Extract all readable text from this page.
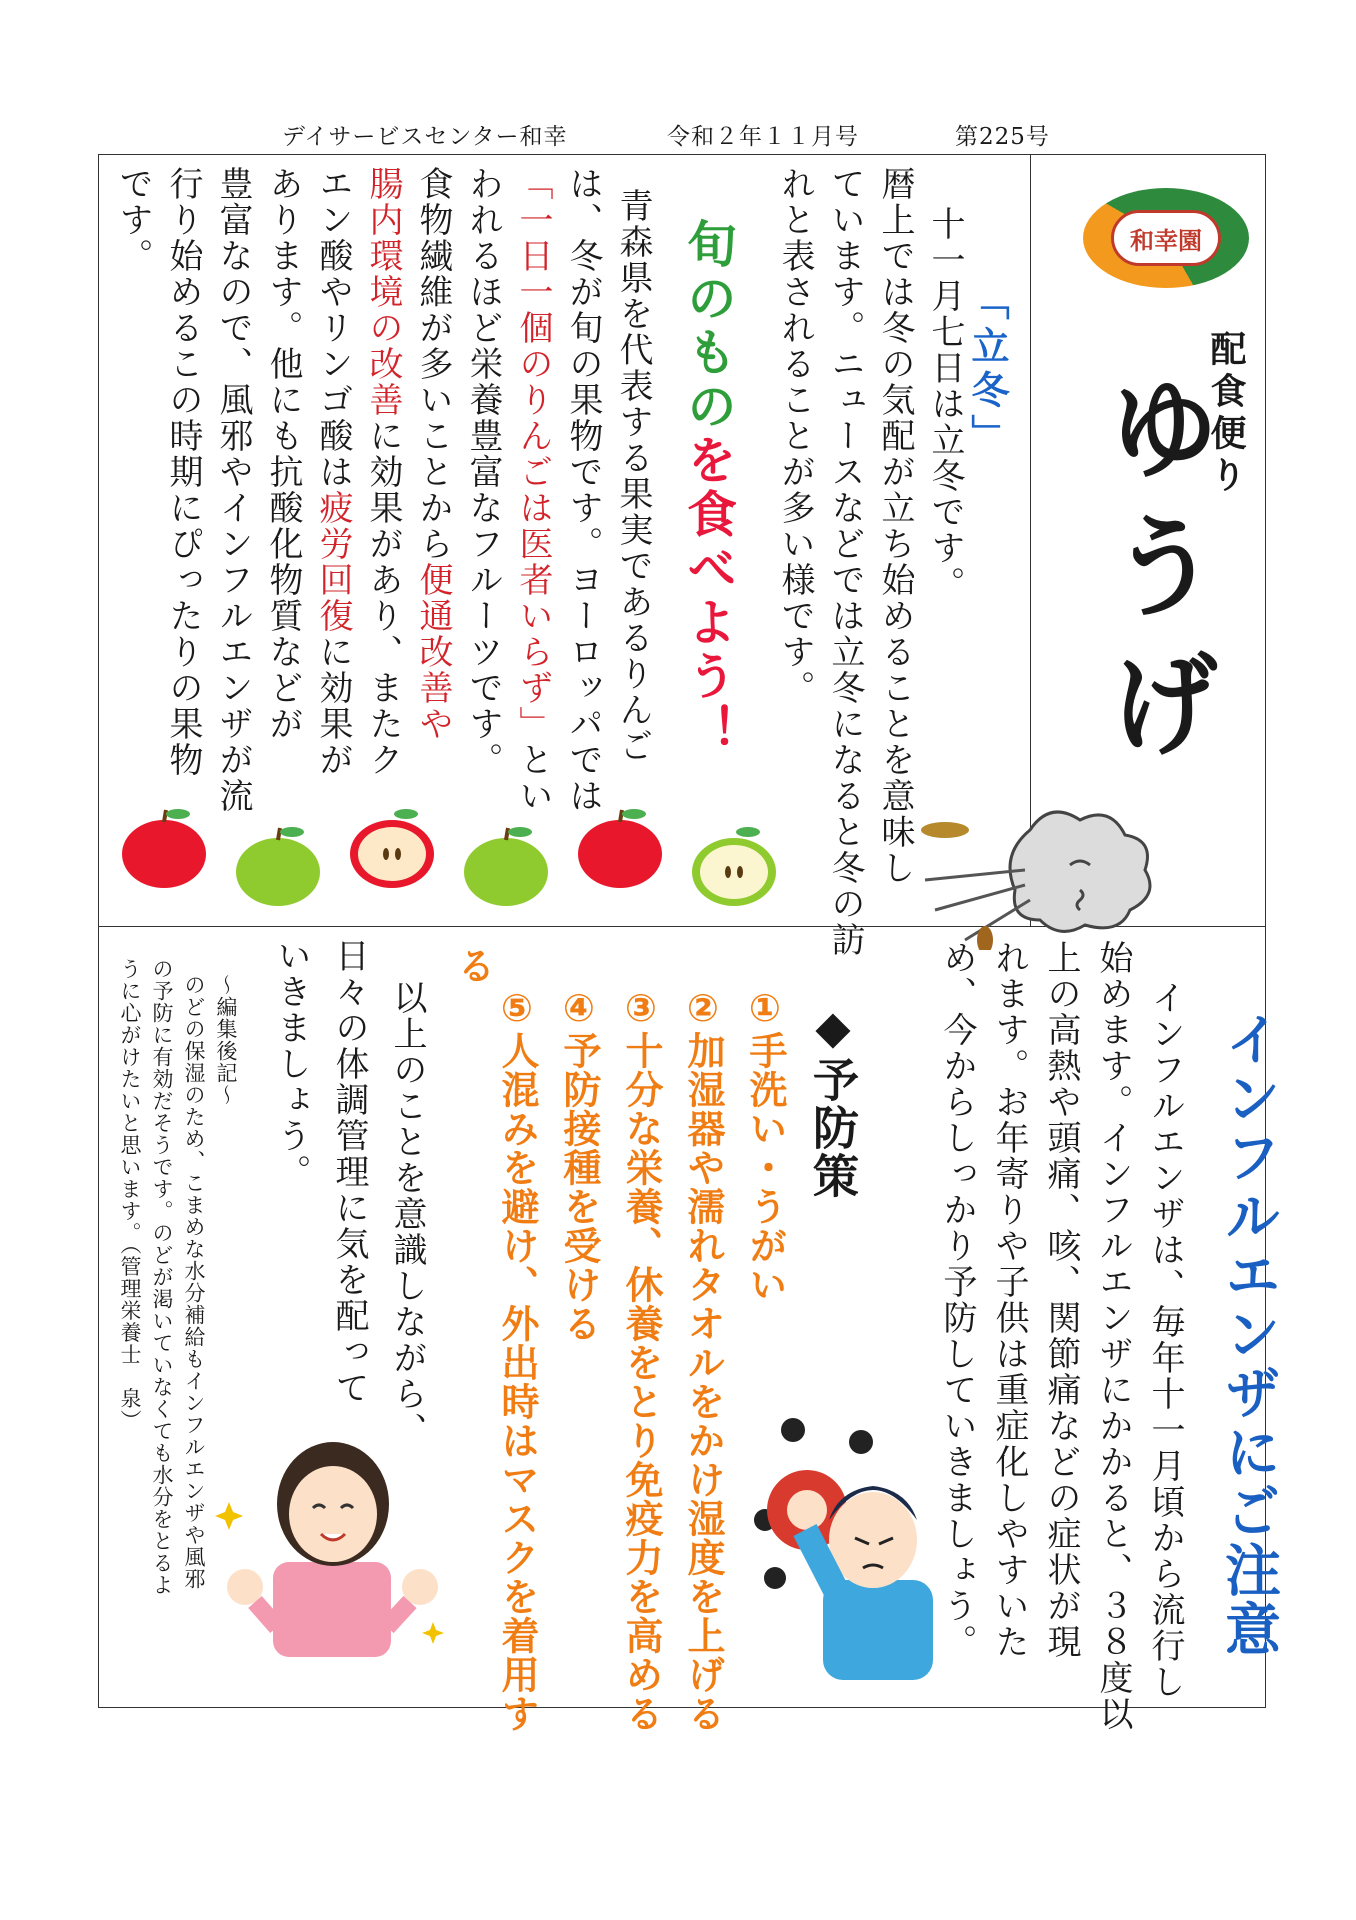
デイサービスセンター和幸	令和２年１１月号	第225号
和幸園
配食便り
ゆうげ
「立冬」
十一月七日は立冬です。
暦上では冬の気配が立ち始めることを意味し
ています。ニュースなどでは立冬になると冬の訪
れと表されることが多い様です。
旬のものを食べよう！
青森県を代表する果実であるりんご
は、冬が旬の果物です。ヨーロッパでは
「一日一個のりんごは医者いらず」とい
われるほど栄養豊富なフルーツです。
食物繊維が多いことから便通改善や
腸内環境の改善に効果があり、またク
エン酸やリンゴ酸は疲労回復に効果が
あります。他にも抗酸化物質などが
豊富なので、風邪やインフルエンザが流
行り始めるこの時期にぴったりの果物
です。
インフルエンザにご注意
インフルエンザは、毎年十一月頃から流行し
始めます。インフルエンザにかかると、３８度以
上の高熱や頭痛、咳、関節痛などの症状が現
れます。お年寄りや子供は重症化しやすいた
め、今からしっかり予防していきましょう。
◆予防策
①手洗い・うがい
②加湿器や濡れタオルをかけ湿度を上げる
③十分な栄養、休養をとり免疫力を高める
④予防接種を受ける
⑤人混みを避け、外出時はマスクを着用す
る
以上のことを意識しながら、
日々の体調管理に気を配って
いきましょう。
～編集後記～
のどの保湿のため、こまめな水分補給もインフルエンザや風邪
の予防に有効だそうです。のどが渇いていなくても水分をとるよ
うに心がけたいと思います。（管理栄養士　泉）
